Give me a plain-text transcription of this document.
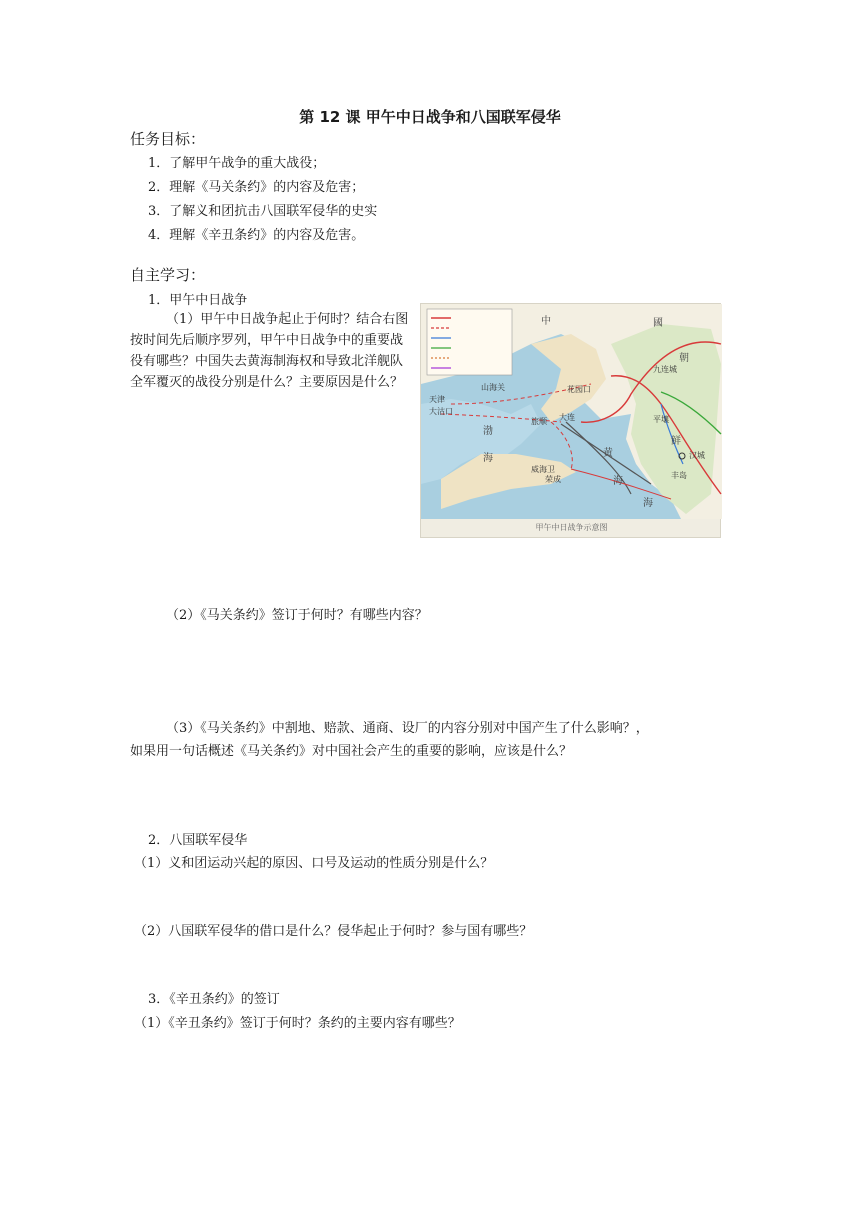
第 12 课 甲午中日战争和八国联军侵华
任务目标：
1．了解甲午战争的重大战役；
2．理解《马关条约》的内容及危害；
3．了解义和团抗击八国联军侵华的史实
4．理解《辛丑条约》的内容及危害。
自主学习：
1．甲午中日战争
（1）甲午中日战争起止于何时？结合右图按时间先后顺序罗列，甲午中日战争中的重要战役有哪些？中国失去黄海制海权和导致北洋舰队全军覆灭的战役分别是什么？主要原因是什么？
中	國
朝
鲜
天津
大沽口
山海关
旅顺 大连
花园口
九连城
平壤
汉城
威海卫
荣成	丰岛
渤
海	黄
海
海
甲午中日战争示意图
（2）《马关条约》签订于何时？有哪些内容？
（3）《马关条约》中割地、赔款、通商、设厂的内容分别对中国产生了什么影响？，
如果用一句话概述《马关条约》对中国社会产生的重要的影响，应该是什么？
2．八国联军侵华
（1）义和团运动兴起的原因、口号及运动的性质分别是什么？
（2）八国联军侵华的借口是什么？侵华起止于何时？参与国有哪些？
3．《辛丑条约》的签订
（1）《辛丑条约》签订于何时？条约的主要内容有哪些？
